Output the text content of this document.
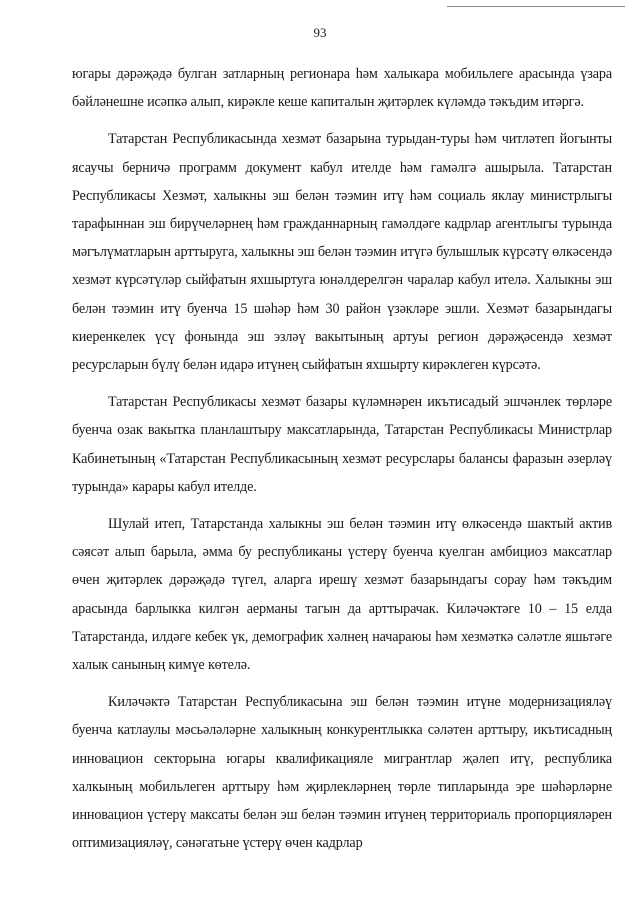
93

югары дәрәҗәдә булган затларның регионара һәм халыкара мобильлеге арасында үзара бәйләнешне исәпкә алып, кирәкле кеше капиталын җитәрлек күләмдә тәкъдим итәргә.

Татарстан Республикасында хезмәт базарына турыдан-туры һәм читләтеп йогынты ясаучы берничә программ документ кабул ителде һәм гамәлгә ашырыла. Татарстан Республикасы Хезмәт, халыкны эш белән тәэмин итү һәм социаль яклау министрлыгы тарафыннан эш бирүчеләрнең һәм гражданнарның гамәлдәге кадрлар агентлыгы турында мәгълүматларын арттыруга, халыкны эш белән тәэмин итүгә булышлык күрсәтү өлкәсендә хезмәт күрсәтүләр сыйфатын яхшыртуга юнәлдерелгән чаралар кабул ителә. Халыкны эш белән тәэмин итү буенча 15 шәһәр һәм 30 район үзәкләре эшли. Хезмәт базарындагы киеренкелек үсү фонында эш эзләү вакытының артуы регион дәрәҗәсендә хезмәт ресурсларын бүлү белән идарә итүнең сыйфатын яхшырту кирәклеген күрсәтә.

Татарстан Республикасы хезмәт базары күләмнәрен икътисадый эшчәнлек төрләре буенча озак вакытка планлаштыру максатларында, Татарстан Республикасы Министрлар Кабинетының «Татарстан Республикасының хезмәт ресурслары балансы фаразын әзерләү турында» карары кабул ителде.

Шулай итеп, Татарстанда халыкны эш белән тәэмин итү өлкәсендә шактый актив сәясәт алып барыла, әмма бу республиканы үстерү буенча куелган амбициоз максатлар өчен җитәрлек дәрәҗәдә түгел, аларга ирешү хезмәт базарындагы сорау һәм тәкъдим арасында барлыкка килгән аерманы тагын да арттырачак. Киләчәктәге 10 – 15 елда Татарстанда, илдәге кебек үк, демографик хәлнең начараюы һәм хезмәткә сәләтле яшьтәге халык санының кимүе көтелә.

Киләчәктә Татарстан Республикасына эш белән тәэмин итүне модернизацияләү буенча катлаулы мәсьәләләрне халыкның конкурентлыкка сәләтен арттыру, икътисадның инновацион секторына югары квалификацияле мигрантлар җәлеп итү, республика халкының мобильлеген арттыру һәм җирлекләрнең төрле типларында эре шәһәрләрне инновацион үстерү максаты белән эш белән тәэмин итүнең территориаль пропорцияләрен оптимизацияләү, сәнәгатьне үстерү өчен кадрлар
